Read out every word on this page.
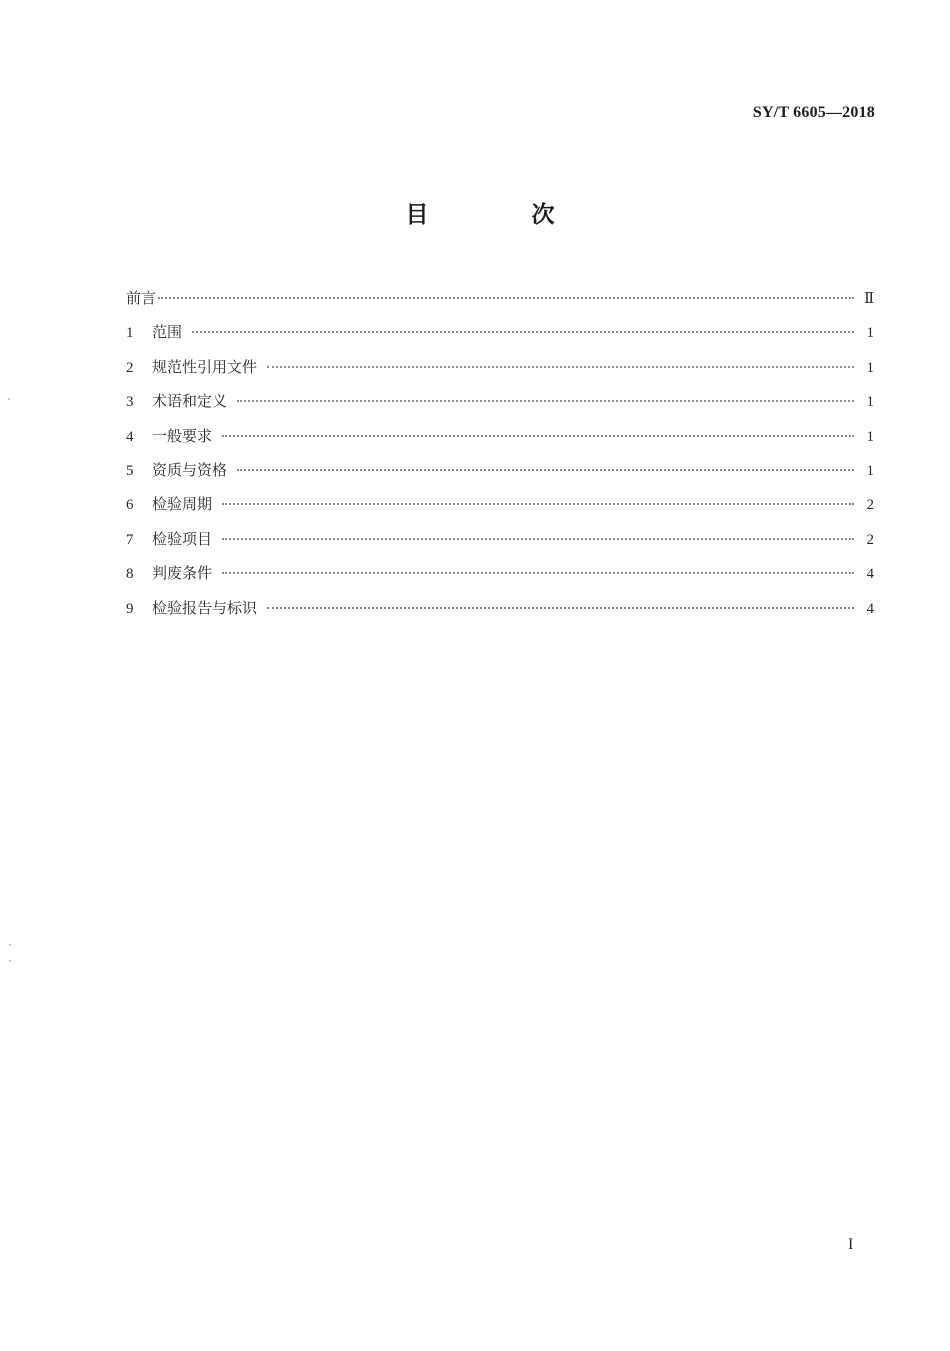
SY/T 6605—2018
目　次
前言	Ⅱ
1	范围	1
2	规范性引用文件	1
3	术语和定义	1
4	一般要求	1
5	资质与资格	1
6	检验周期	2
7	检验项目	2
8	判废条件	4
9	检验报告与标识	4
I
